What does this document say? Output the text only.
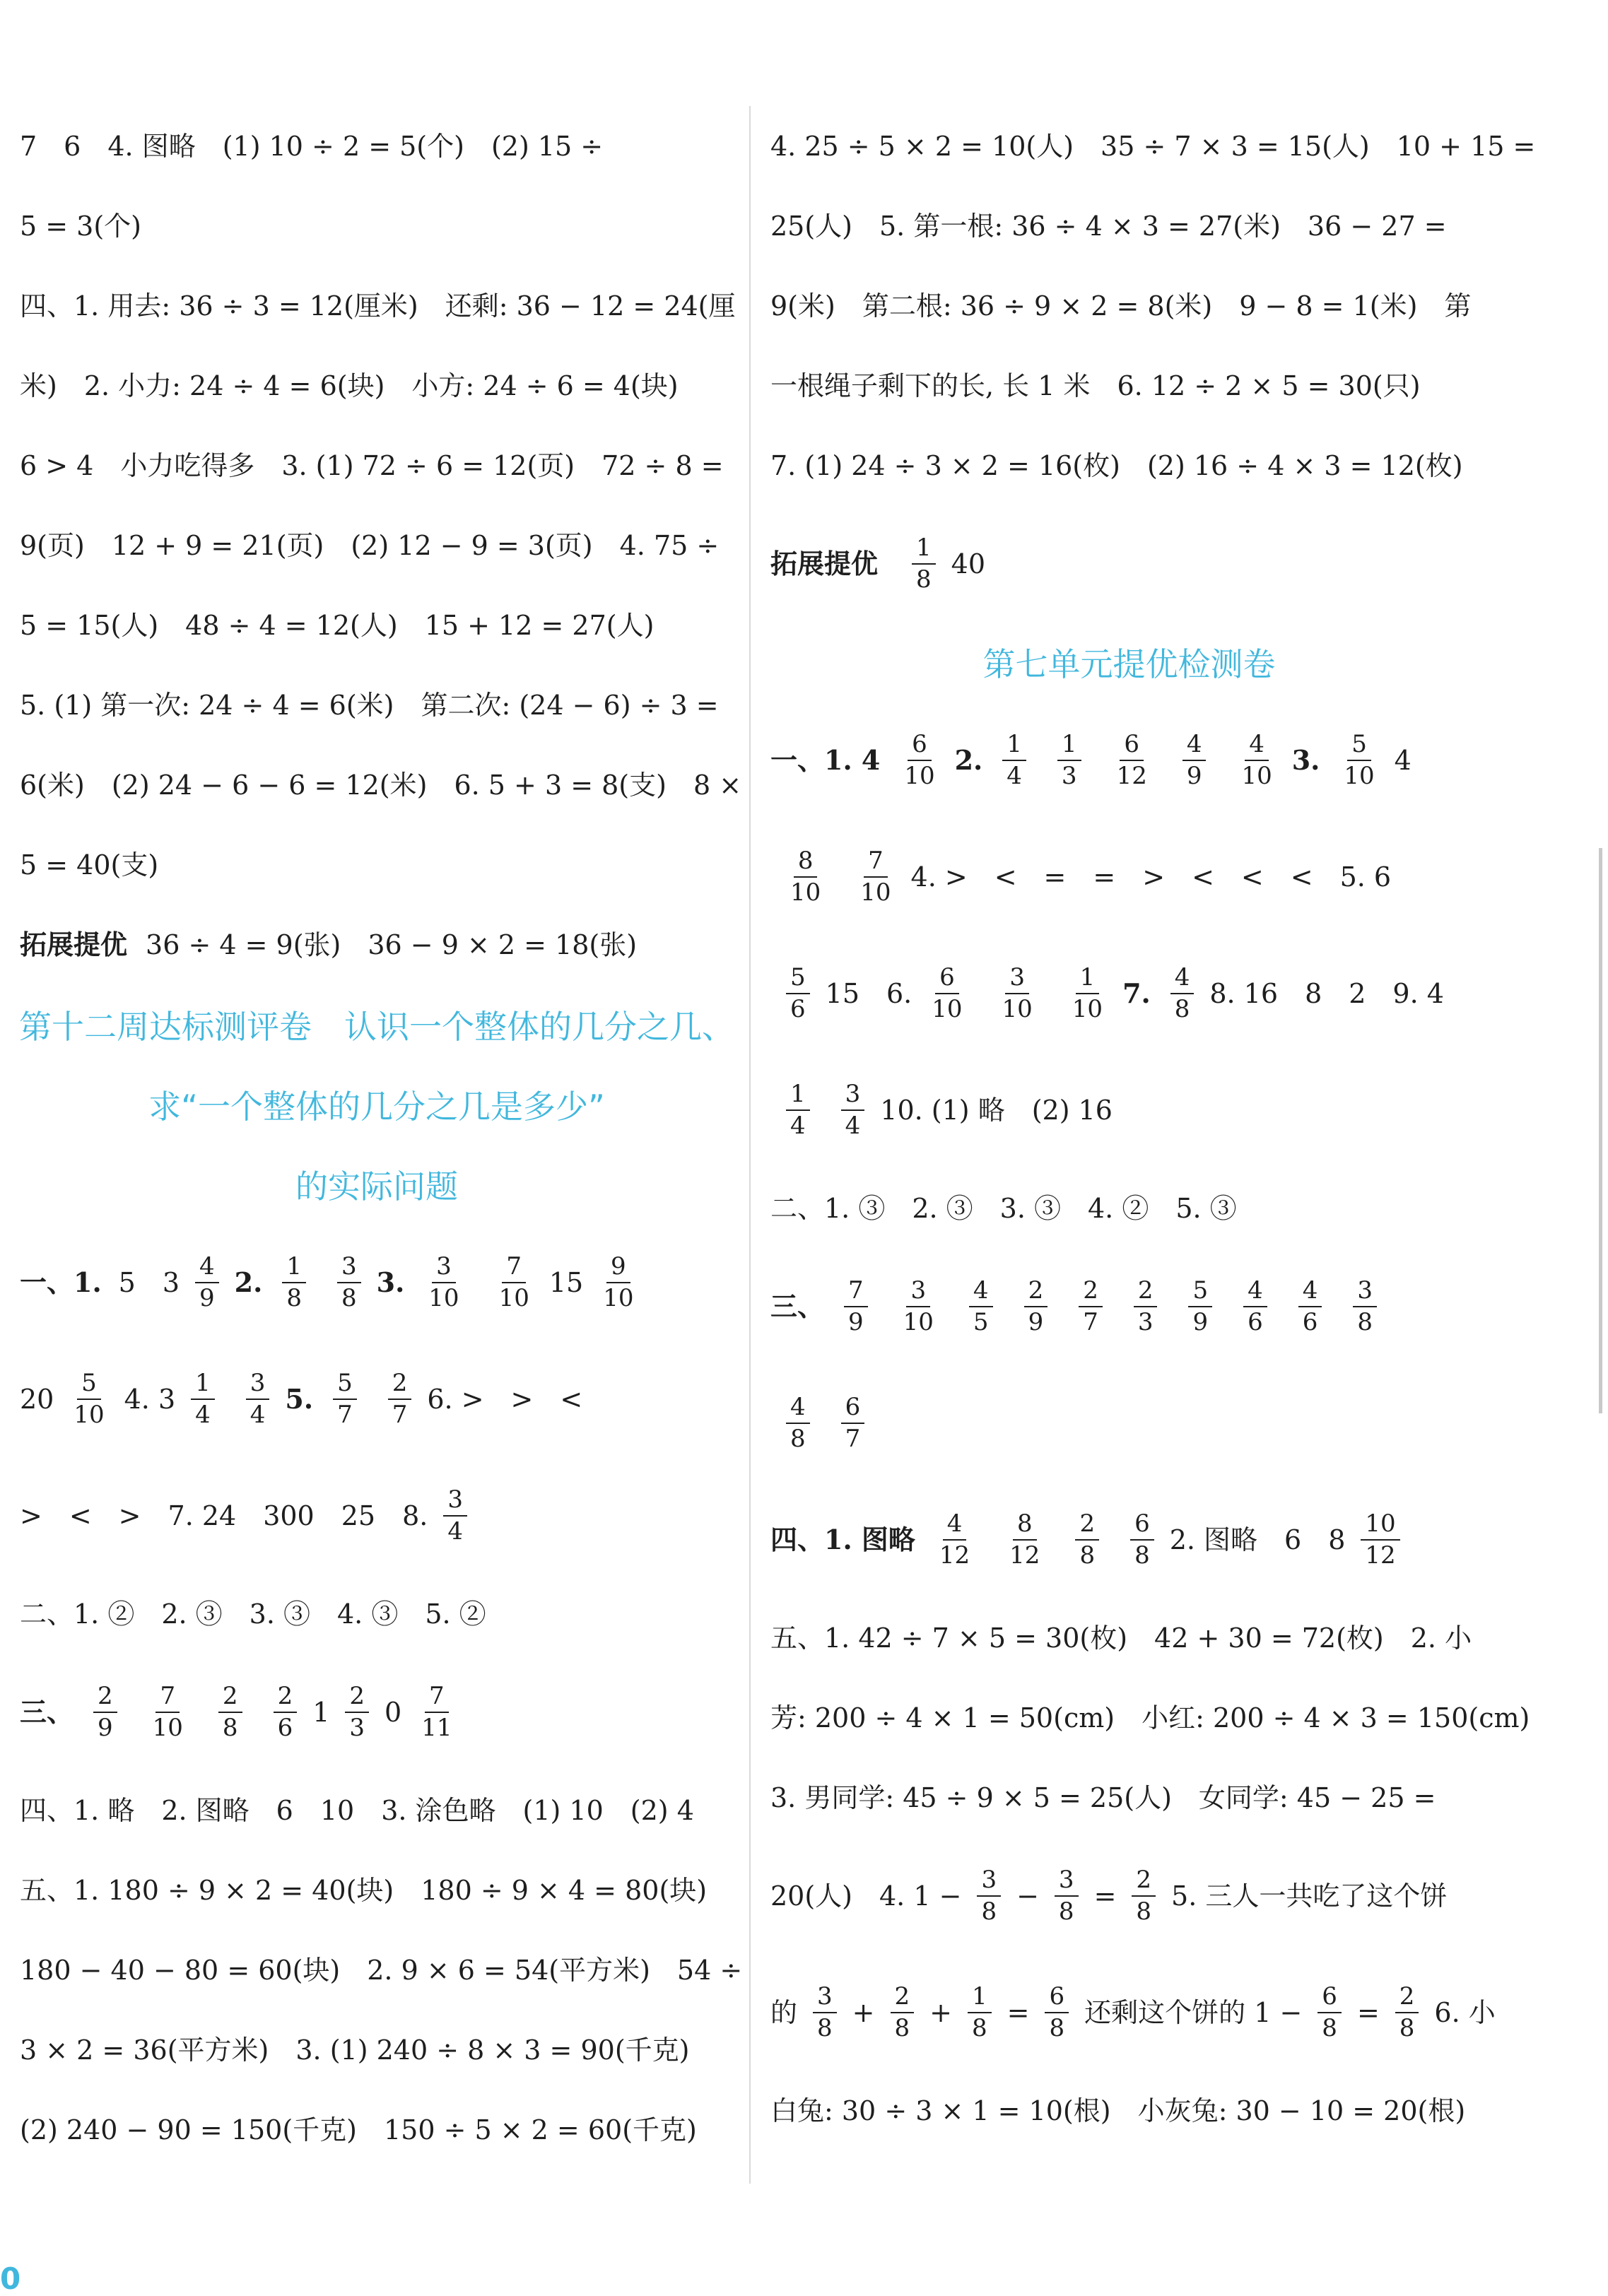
7　6　4. 图略　(1) 10 ÷ 2 = 5(个)　(2) 15 ÷
5 = 3(个)
四、1. 用去: 36 ÷ 3 = 12(厘米)　还剩: 36 − 12 = 24(厘
米)　2. 小力: 24 ÷ 4 = 6(块)　小方: 24 ÷ 6 = 4(块)
6 > 4　小力吃得多　3. (1) 72 ÷ 6 = 12(页)　72 ÷ 8 =
9(页)　12 + 9 = 21(页)　(2) 12 − 9 = 3(页)　4. 75 ÷
5 = 15(人)　48 ÷ 4 = 12(人)　15 + 12 = 27(人)
5. (1) 第一次: 24 ÷ 4 = 6(米)　第二次: (24 − 6) ÷ 3 =
6(米)　(2) 24 − 6 − 6 = 12(米)　6. 5 + 3 = 8(支)　8 ×
5 = 40(支)
拓展提优 36 ÷ 4 = 9(张)　36 − 9 × 2 = 18(张)
第十二周达标测评卷　认识一个整体的几分之几、
求“一个整体的几分之几是多少”
的实际问题
一、1. 5　3
4
9 2. 1
8
3
8 3. 3
10
7
10 15
9
10
20
5
10 4. 3
1
4
3
4 5. 5
7
2
7 6. >　>　<
>　<　>　7. 24　300　25　8.
3
4
二、1. ②　2. ③　3. ③　4. ③　5. ②
三、 2
9
7
10
2
8
2
6 1
2
3 0
7
11
四、1. 略　2. 图略　6　10　3. 涂色略　(1) 10　(2) 4
五、1. 180 ÷ 9 × 2 = 40(块)　180 ÷ 9 × 4 = 80(块)
180 − 40 − 80 = 60(块)　2. 9 × 6 = 54(平方米)　54 ÷
3 × 2 = 36(平方米)　3. (1) 240 ÷ 8 × 3 = 90(千克)
(2) 240 − 90 = 150(千克)　150 ÷ 5 × 2 = 60(千克)
4. 25 ÷ 5 × 2 = 10(人)　35 ÷ 7 × 3 = 15(人)　10 + 15 =
25(人)　5. 第一根: 36 ÷ 4 × 3 = 27(米)　36 − 27 =
9(米)　第二根: 36 ÷ 9 × 2 = 8(米)　9 − 8 = 1(米)　第
一根绳子剩下的长, 长 1 米　6. 12 ÷ 2 × 5 = 30(只)
7. (1) 24 ÷ 3 × 2 = 16(枚)　(2) 16 ÷ 4 × 3 = 12(枚)
拓展提优
1
8 40
第七单元提优检测卷
一、1. 4 6
10 2. 1
4
1
3
6
12
4
9
4
10 3. 5
10 4
8
10
7
10 4. >　<　=　=　>　<　<　<　5. 6
5
6 15　6.
6
10
3
10
1
10 7. 4
8 8. 16　8　2　9. 4
1
4
3
4 10. (1) 略　(2) 16
二、1. ③　2. ③　3. ③　4. ②　5. ③
三、 7
9
3
10
4
5
2
9
2
7
2
3
5
9
4
6
4
6
3
8
4
8
6
7
四、1. 图略 4
12
8
12
2
8
6
8 2. 图略　6　8
10
12
五、1. 42 ÷ 7 × 5 = 30(枚)　42 + 30 = 72(枚)　2. 小
芳: 200 ÷ 4 × 1 = 50(cm)　小红: 200 ÷ 4 × 3 = 150(cm)
3. 男同学: 45 ÷ 9 × 5 = 25(人)　女同学: 45 − 25 =
20(人)　4. $1 - \frac{3}{8} - \frac{3}{8} = \frac{2}{8} 5$. 三人一共吃了这个饼
的
3
$8 + \frac{2}{8} + \frac{1}{8} = \frac{6}{8}$ 还剩这个饼的 $1 - \frac{6}{8} = \frac{2}{8} 6$. 小
白兔: 30 ÷ 3 × 1 = 10(根)　小灰兔: 30 − 10 = 20(根)
0
